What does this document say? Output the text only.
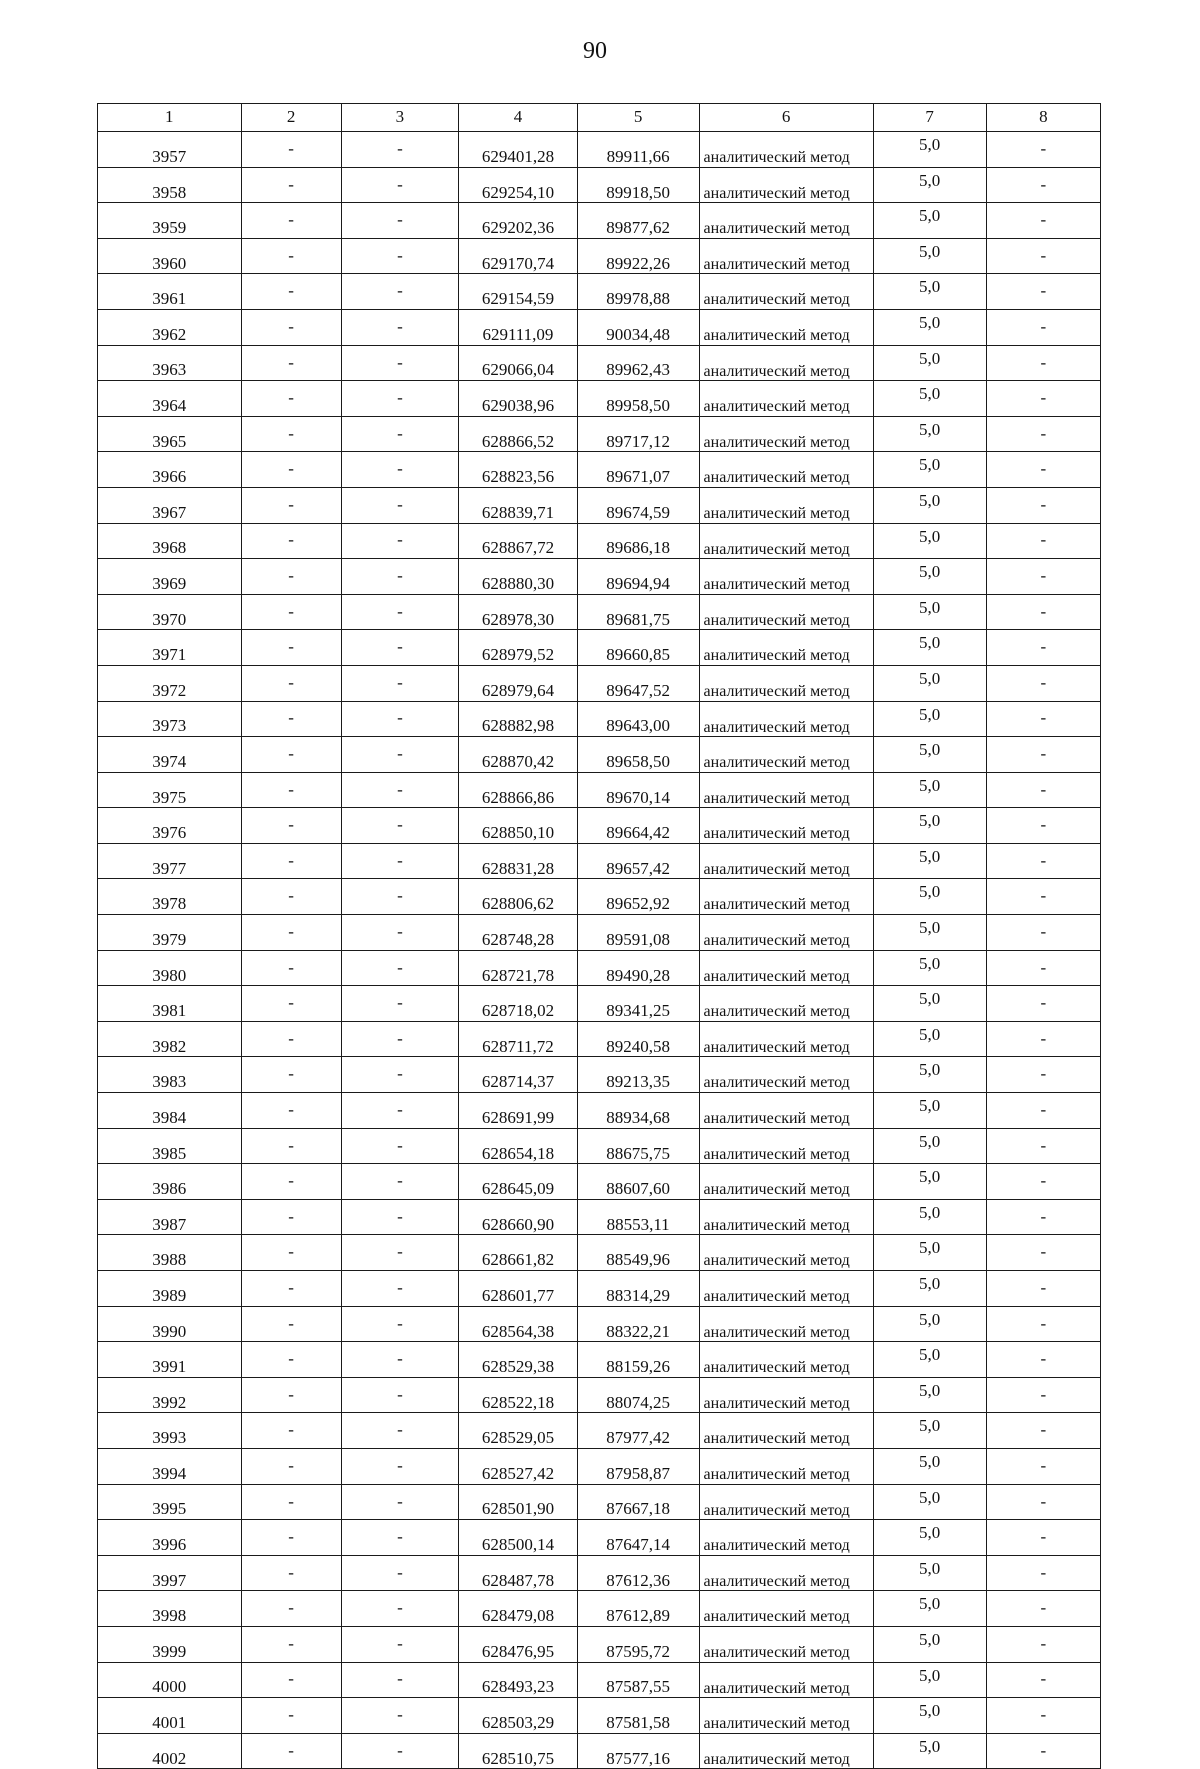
90
1	2	3	4	5	6	7	8
3957	-	-	629401,28	89911,66	аналитический метод	5,0	-
3958	-	-	629254,10	89918,50	аналитический метод	5,0	-
3959	-	-	629202,36	89877,62	аналитический метод	5,0	-
3960	-	-	629170,74	89922,26	аналитический метод	5,0	-
3961	-	-	629154,59	89978,88	аналитический метод	5,0	-
3962	-	-	629111,09	90034,48	аналитический метод	5,0	-
3963	-	-	629066,04	89962,43	аналитический метод	5,0	-
3964	-	-	629038,96	89958,50	аналитический метод	5,0	-
3965	-	-	628866,52	89717,12	аналитический метод	5,0	-
3966	-	-	628823,56	89671,07	аналитический метод	5,0	-
3967	-	-	628839,71	89674,59	аналитический метод	5,0	-
3968	-	-	628867,72	89686,18	аналитический метод	5,0	-
3969	-	-	628880,30	89694,94	аналитический метод	5,0	-
3970	-	-	628978,30	89681,75	аналитический метод	5,0	-
3971	-	-	628979,52	89660,85	аналитический метод	5,0	-
3972	-	-	628979,64	89647,52	аналитический метод	5,0	-
3973	-	-	628882,98	89643,00	аналитический метод	5,0	-
3974	-	-	628870,42	89658,50	аналитический метод	5,0	-
3975	-	-	628866,86	89670,14	аналитический метод	5,0	-
3976	-	-	628850,10	89664,42	аналитический метод	5,0	-
3977	-	-	628831,28	89657,42	аналитический метод	5,0	-
3978	-	-	628806,62	89652,92	аналитический метод	5,0	-
3979	-	-	628748,28	89591,08	аналитический метод	5,0	-
3980	-	-	628721,78	89490,28	аналитический метод	5,0	-
3981	-	-	628718,02	89341,25	аналитический метод	5,0	-
3982	-	-	628711,72	89240,58	аналитический метод	5,0	-
3983	-	-	628714,37	89213,35	аналитический метод	5,0	-
3984	-	-	628691,99	88934,68	аналитический метод	5,0	-
3985	-	-	628654,18	88675,75	аналитический метод	5,0	-
3986	-	-	628645,09	88607,60	аналитический метод	5,0	-
3987	-	-	628660,90	88553,11	аналитический метод	5,0	-
3988	-	-	628661,82	88549,96	аналитический метод	5,0	-
3989	-	-	628601,77	88314,29	аналитический метод	5,0	-
3990	-	-	628564,38	88322,21	аналитический метод	5,0	-
3991	-	-	628529,38	88159,26	аналитический метод	5,0	-
3992	-	-	628522,18	88074,25	аналитический метод	5,0	-
3993	-	-	628529,05	87977,42	аналитический метод	5,0	-
3994	-	-	628527,42	87958,87	аналитический метод	5,0	-
3995	-	-	628501,90	87667,18	аналитический метод	5,0	-
3996	-	-	628500,14	87647,14	аналитический метод	5,0	-
3997	-	-	628487,78	87612,36	аналитический метод	5,0	-
3998	-	-	628479,08	87612,89	аналитический метод	5,0	-
3999	-	-	628476,95	87595,72	аналитический метод	5,0	-
4000	-	-	628493,23	87587,55	аналитический метод	5,0	-
4001	-	-	628503,29	87581,58	аналитический метод	5,0	-
4002	-	-	628510,75	87577,16	аналитический метод	5,0	-
